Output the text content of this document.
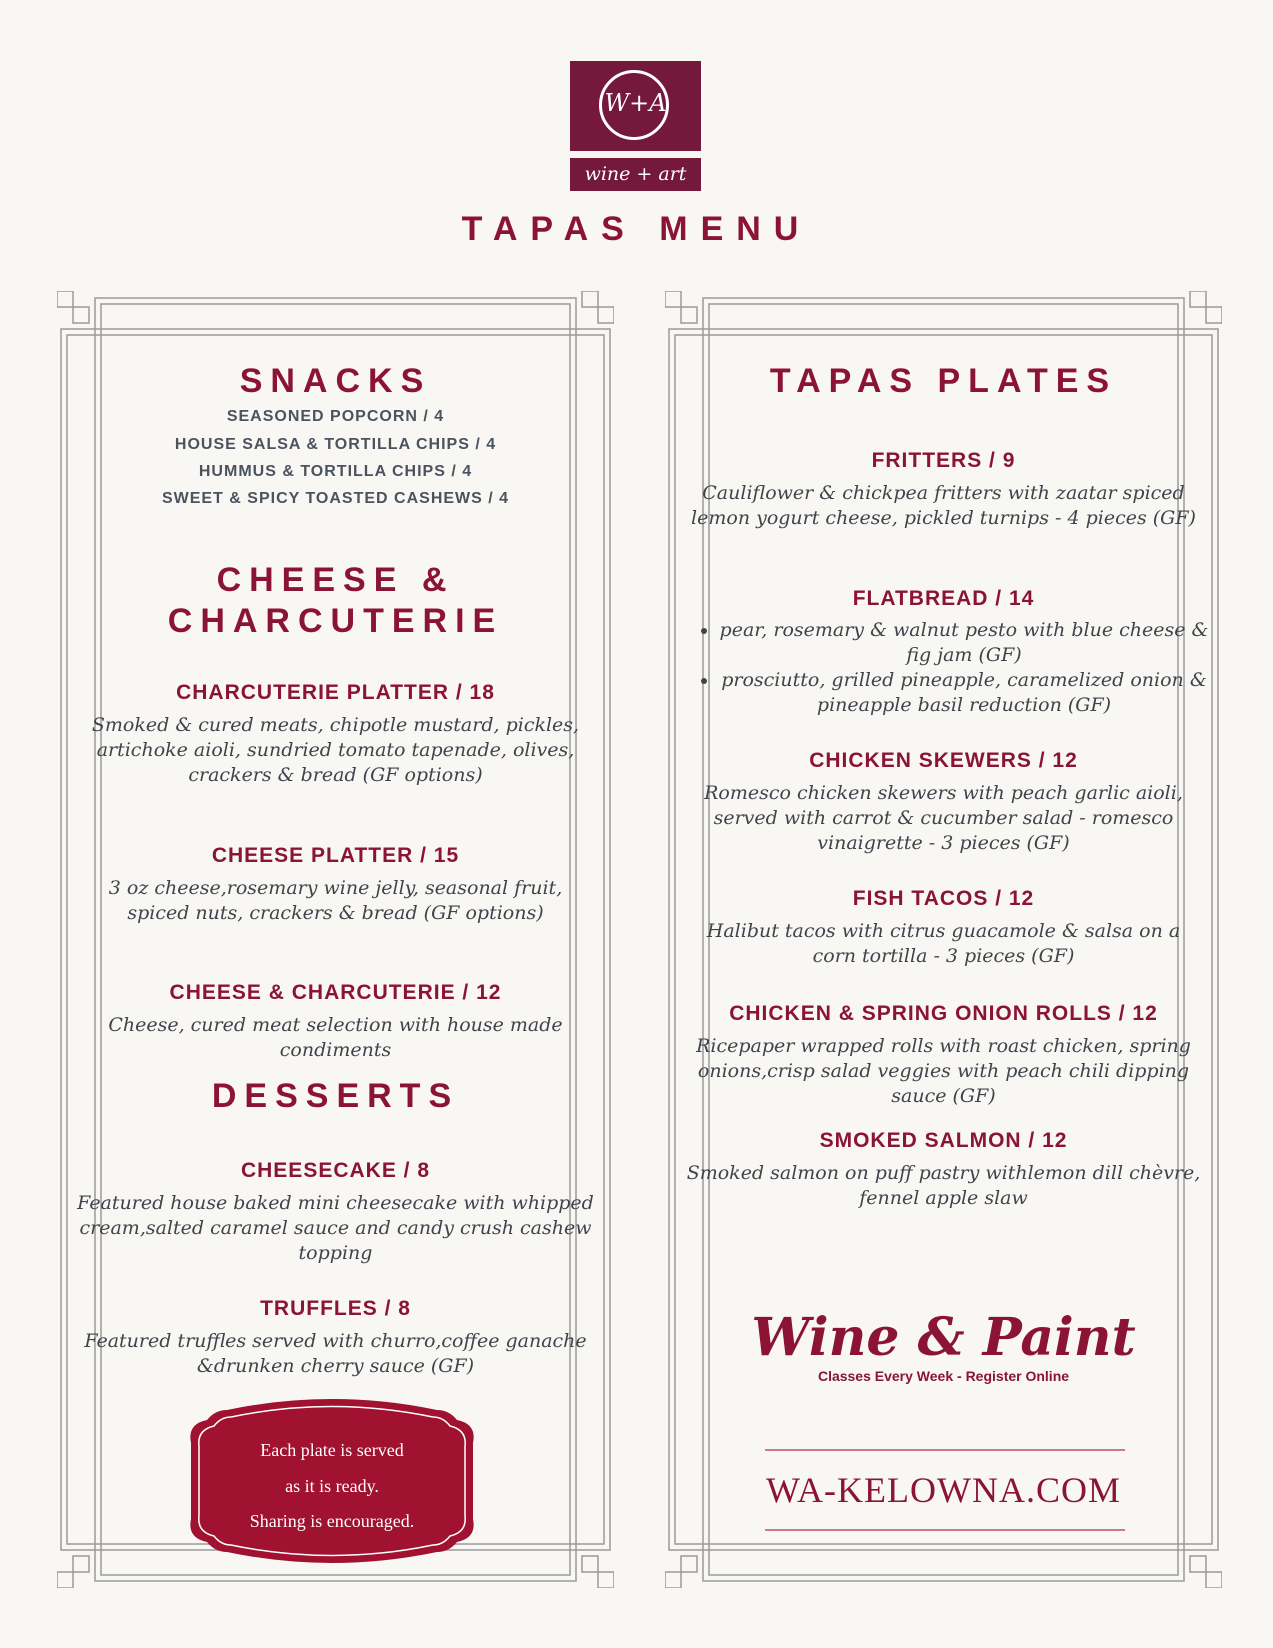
W+A
wine + art
TAPAS MENU
SNACKS
SEASONED POPCORN / 4
HOUSE SALSA & TORTILLA CHIPS / 4
HUMMUS & TORTILLA CHIPS / 4
SWEET & SPICY TOASTED CASHEWS / 4
CHEESE &
CHARCUTERIE
CHARCUTERIE PLATTER / 18
Smoked & cured meats, chipotle mustard, pickles, artichoke aioli, sundried tomato tapenade, olives, crackers & bread (GF options)
CHEESE PLATTER / 15
3 oz cheese,rosemary wine jelly, seasonal fruit, spiced nuts, crackers & bread (GF options)
CHEESE & CHARCUTERIE / 12
Cheese, cured meat selection with house made condiments
DESSERTS
CHEESECAKE / 8
Featured house baked mini cheesecake with whipped cream,salted caramel sauce and candy crush cashew topping
TRUFFLES / 8
Featured truffles served with churro,coffee ganache &drunken cherry sauce (GF)
Each plate is served
as it is ready.
Sharing is encouraged.
TAPAS PLATES
FRITTERS / 9
Cauliflower & chickpea fritters with zaatar spiced lemon yogurt cheese, pickled turnips - 4 pieces (GF)
FLATBREAD / 14
• pear, rosemary & walnut pesto with blue cheese & fig jam (GF)
• prosciutto, grilled pineapple, caramelized onion & pineapple basil reduction (GF)
CHICKEN SKEWERS / 12
Romesco chicken skewers with peach garlic aioli, served with carrot & cucumber salad - romesco vinaigrette - 3 pieces (GF)
FISH TACOS / 12
Halibut tacos with citrus guacamole & salsa on a corn tortilla - 3 pieces (GF)
CHICKEN & SPRING ONION ROLLS / 12
Ricepaper wrapped rolls with roast chicken, spring onions,crisp salad veggies with peach chili dipping sauce (GF)
SMOKED SALMON / 12
Smoked salmon on puff pastry withlemon dill chèvre, fennel apple slaw
Wine & Paint
Classes Every Week - Register Online
WA-KELOWNA.COM
